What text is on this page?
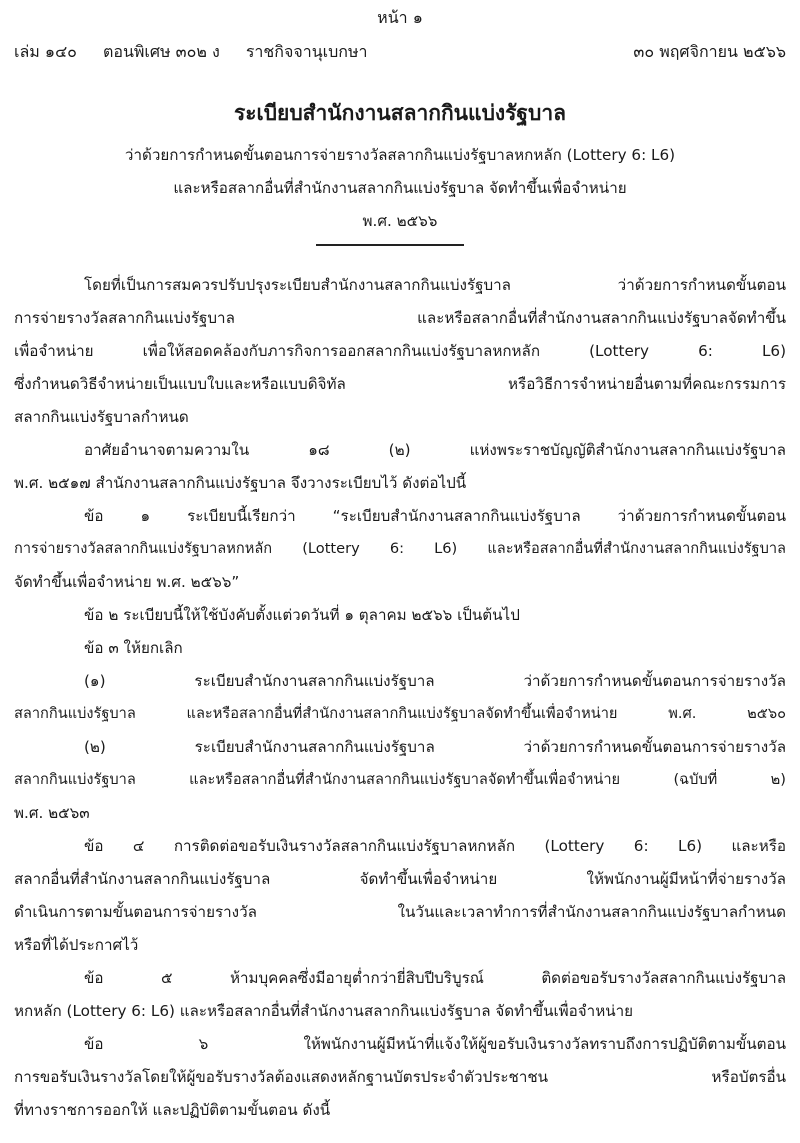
หน้า ๑
เล่ม ๑๔๐ ตอนพิเศษ ๓๐๒ ง ราชกิจจานุเบกษา	๓๐ พฤศจิกายน ๒๕๖๖
ระเบียบสำนักงานสลากกินแบ่งรัฐบาล
ว่าด้วยการกำหนดขั้นตอนการจ่ายรางวัลสลากกินแบ่งรัฐบาลหกหลัก (Lottery 6: L6)
และหรือสลากอื่นที่สำนักงานสลากกินแบ่งรัฐบาล จัดทำขึ้นเพื่อจำหน่าย
พ.ศ. ๒๕๖๖
โดยที่เป็นการสมควรปรับปรุงระเบียบสำนักงานสลากกินแบ่งรัฐบาล ว่าด้วยการกำหนดขั้นตอน
การจ่ายรางวัลสลากกินแบ่งรัฐบาล และหรือสลากอื่นที่สำนักงานสลากกินแบ่งรัฐบาลจัดทำขึ้น
เพื่อจำหน่าย เพื่อให้สอดคล้องกับภารกิจการออกสลากกินแบ่งรัฐบาลหกหลัก (Lottery 6: L6)
ซึ่งกำหนดวิธีจำหน่ายเป็นแบบใบและหรือแบบดิจิทัล หรือวิธีการจำหน่ายอื่นตามที่คณะกรรมการ
สลากกินแบ่งรัฐบาลกำหนด
อาศัยอำนาจตามความใน ๑๘ (๒) แห่งพระราชบัญญัติสำนักงานสลากกินแบ่งรัฐบาล
พ.ศ. ๒๕๑๗ สำนักงานสลากกินแบ่งรัฐบาล จึงวางระเบียบไว้ ดังต่อไปนี้
ข้อ ๑ ระเบียบนี้เรียกว่า “ระเบียบสำนักงานสลากกินแบ่งรัฐบาล ว่าด้วยการกำหนดขั้นตอน
การจ่ายรางวัลสลากกินแบ่งรัฐบาลหกหลัก (Lottery 6: L6) และหรือสลากอื่นที่สำนักงานสลากกินแบ่งรัฐบาล
จัดทำขึ้นเพื่อจำหน่าย พ.ศ. ๒๕๖๖”
ข้อ ๒ ระเบียบนี้ให้ใช้บังคับตั้งแต่วดวันที่ ๑ ตุลาคม ๒๕๖๖ เป็นต้นไป
ข้อ ๓ ให้ยกเลิก
(๑) ระเบียบสำนักงานสลากกินแบ่งรัฐบาล ว่าด้วยการกำหนดขั้นตอนการจ่ายรางวัล
สลากกินแบ่งรัฐบาล และหรือสลากอื่นที่สำนักงานสลากกินแบ่งรัฐบาลจัดทำขึ้นเพื่อจำหน่าย พ.ศ. ๒๕๖๐
(๒) ระเบียบสำนักงานสลากกินแบ่งรัฐบาล ว่าด้วยการกำหนดขั้นตอนการจ่ายรางวัล
สลากกินแบ่งรัฐบาล และหรือสลากอื่นที่สำนักงานสลากกินแบ่งรัฐบาลจัดทำขึ้นเพื่อจำหน่าย (ฉบับที่ ๒)
พ.ศ. ๒๕๖๓
ข้อ ๔ การติดต่อขอรับเงินรางวัลสลากกินแบ่งรัฐบาลหกหลัก (Lottery 6: L6) และหรือ
สลากอื่นที่สำนักงานสลากกินแบ่งรัฐบาล จัดทำขึ้นเพื่อจำหน่าย ให้พนักงานผู้มีหน้าที่จ่ายรางวัล
ดำเนินการตามขั้นตอนการจ่ายรางวัล ในวันและเวลาทำการที่สำนักงานสลากกินแบ่งรัฐบาลกำหนด
หรือที่ได้ประกาศไว้
ข้อ ๕ ห้ามบุคคลซึ่งมีอายุต่ำกว่ายี่สิบปีบริบูรณ์ ติดต่อขอรับรางวัลสลากกินแบ่งรัฐบาล
หกหลัก (Lottery 6: L6) และหรือสลากอื่นที่สำนักงานสลากกินแบ่งรัฐบาล จัดทำขึ้นเพื่อจำหน่าย
ข้อ ๖ ให้พนักงานผู้มีหน้าที่แจ้งให้ผู้ขอรับเงินรางวัลทราบถึงการปฏิบัติตามขั้นตอน
การขอรับเงินรางวัลโดยให้ผู้ขอรับรางวัลต้องแสดงหลักฐานบัตรประจำตัวประชาชน หรือบัตรอื่น
ที่ทางราชการออกให้ และปฏิบัติตามขั้นตอน ดังนี้
